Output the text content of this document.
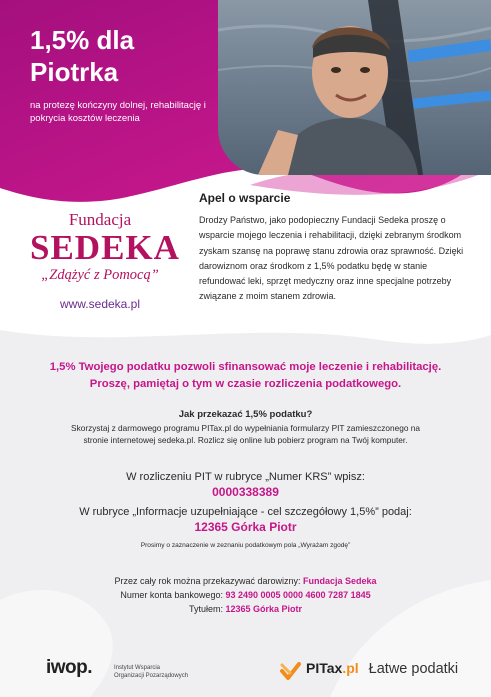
1,5% dla Piotrka
na protezę kończyny dolnej, rehabilitację i pokrycia kosztów leczenia
Fundacja
SEDEKA
„Zdążyć z Pomocą”
www.sedeka.pl
Apel o wsparcie
Drodzy Państwo, jako podopieczny Fundacji Sedeka proszę o wsparcie mojego leczenia i rehabilitacji, dzięki zebranym środkom zyskam szansę na poprawę stanu zdrowia oraz sprawność. Dzięki darowiznom oraz środkom z 1,5% podatku będę w stanie refundować leki, sprzęt medyczny oraz inne specjalne potrzeby związane z moim stanem zdrowia.
1,5% Twojego podatku pozwoli sfinansować moje leczenie i rehabilitację.
Proszę, pamiętaj o tym w czasie rozliczenia podatkowego.
Jak przekazać 1,5% podatku?
Skorzystaj z darmowego programu PITax.pl do wypełniania formularzy PIT zamieszczonego na
stronie internetowej sedeka.pl. Rozlicz się online lub pobierz program na Twój komputer.
W rozliczeniu PIT w rubryce „Numer KRS” wpisz:
0000338389
W rubryce „Informacje uzupełniające - cel szczegółowy 1,5%” podaj:
12365 Górka Piotr
Prosimy o zaznaczenie w zeznaniu podatkowym pola „Wyrażam zgodę”
Przez cały rok można przekazywać darowizny: Fundacja Sedeka
Numer konta bankowego: 93 2490 0005 0000 4600 7287 1845
Tytułem: 12365 Górka Piotr
iwop.	Instytut Wsparcia
Organizacji Pozarządowych	PITax.pl Łatwe podatki
